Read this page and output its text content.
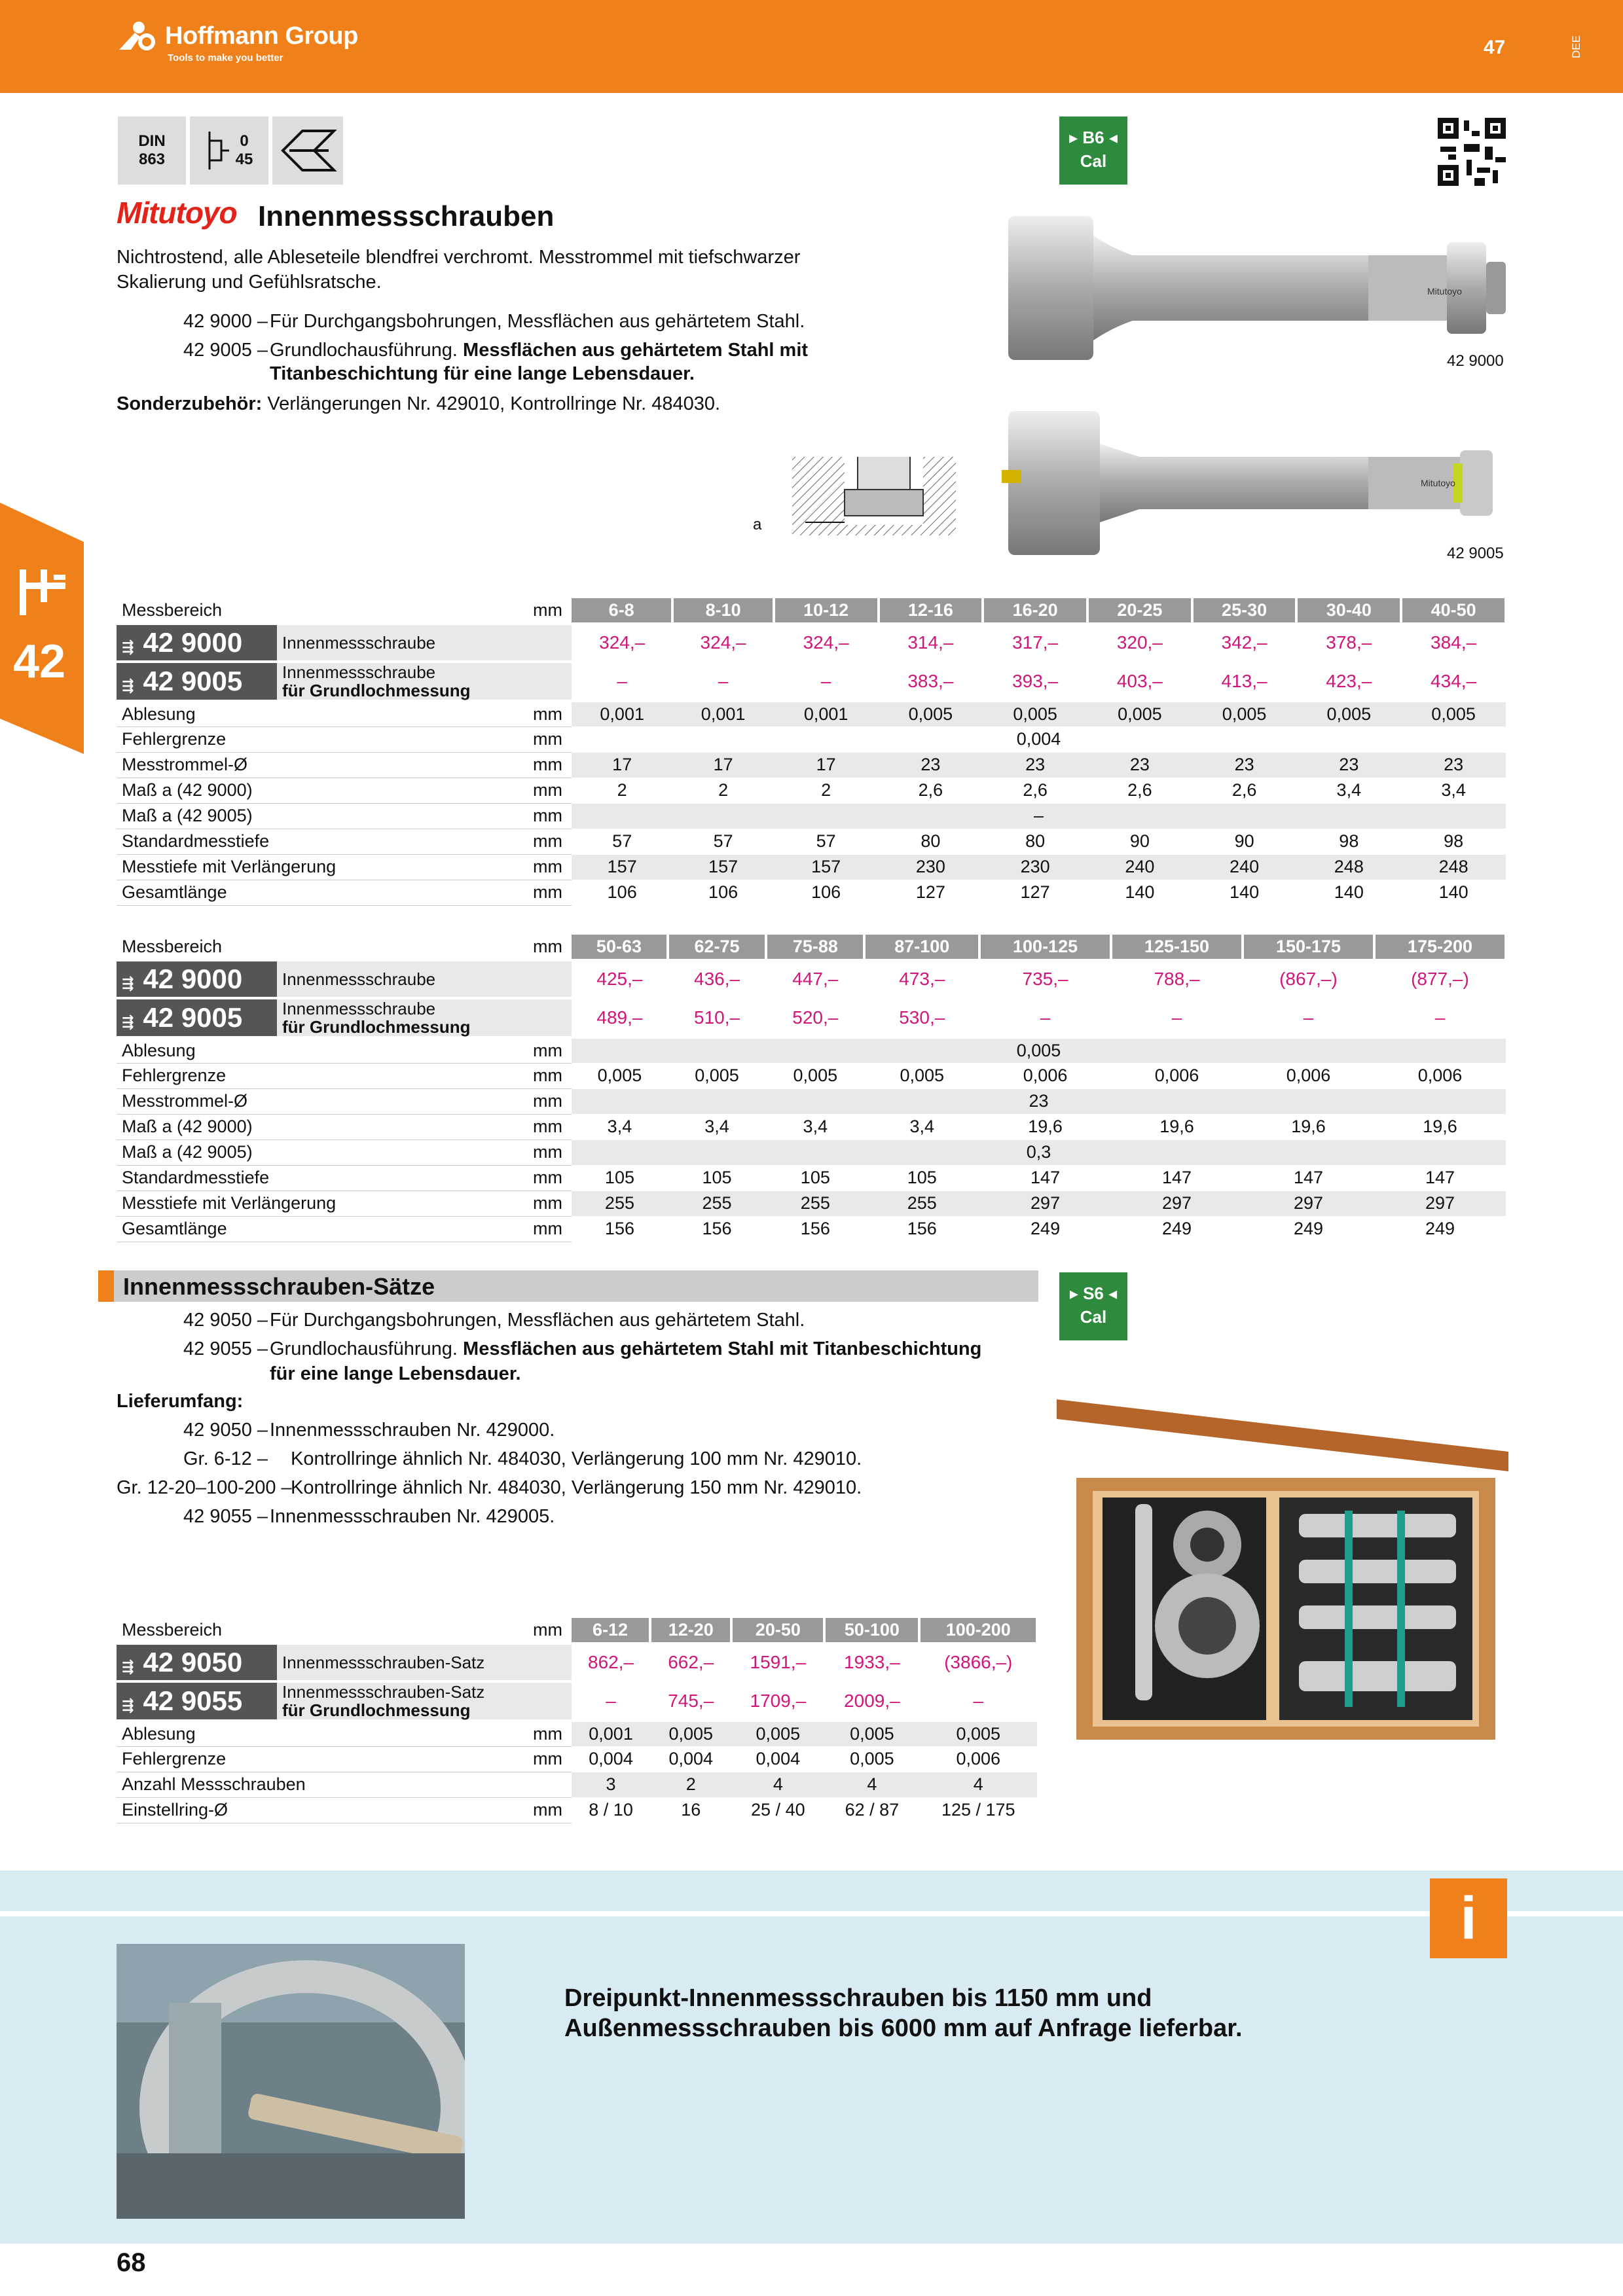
Hoffmann Group
Tools to make you better	47	DEE
42
DIN
863
0
45
Mitutoyo Innenmessschrauben
Nichtrostend, alle Ableseteile blendfrei verchromt. Messtrommel mit tiefschwarzer
Skalierung und Gefühlsratsche.
42 9000 – Für Durchgangsbohrungen, Messflächen aus gehärtetem Stahl.
42 9005 – Grundlochausführung. Messflächen aus gehärtetem Stahl mit
Titanbeschichtung für eine lange Lebensdauer.
Sonderzubehör: Verlängerungen Nr. 429010, Kontrollringe Nr. 484030.
▸ B6 ◂
Cal
Mitutoyo
42 9000
a
Mitutoyo
42 9005
Messbereich		mm	6-8	8-10	10-12	12-16	16-20	20-25	25-30	30-40	40-50
⇶ 42 9000	Innenmessschraube		324,–	324,–	324,–	314,–	317,–	320,–	342,–	378,–	384,–
⇶ 42 9005	Innenmessschraube
für Grundlochmessung		–	–	–	383,–	393,–	403,–	413,–	423,–	434,–
Ablesung		mm	0,001	0,001	0,001	0,005	0,005	0,005	0,005	0,005	0,005
Fehlergrenze		mm	0,004								
Messtrommel-Ø		mm	17	17	17	23	23	23	23	23	23
Maß a (42 9000)		mm	2	2	2	2,6	2,6	2,6	2,6	3,4	3,4
Maß a (42 9005)		mm	–								
Standardmesstiefe		mm	57	57	57	80	80	90	90	98	98
Messtiefe mit Verlängerung		mm	157	157	157	230	230	240	240	248	248
Gesamtlänge		mm	106	106	106	127	127	140	140	140	140
Messbereich		mm	50-63	62-75	75-88	87-100	100-125	125-150	150-175	175-200
⇶ 42 9000	Innenmessschraube		425,–	436,–	447,–	473,–	735,–	788,–	(867,–)	(877,–)
⇶ 42 9005	Innenmessschraube
für Grundlochmessung		489,–	510,–	520,–	530,–	–	–	–	–
Ablesung		mm	0,005							
Fehlergrenze		mm	0,005	0,005	0,005	0,005	0,006	0,006	0,006	0,006
Messtrommel-Ø		mm	23							
Maß a (42 9000)		mm	3,4	3,4	3,4	3,4	19,6	19,6	19,6	19,6
Maß a (42 9005)		mm	0,3							
Standardmesstiefe		mm	105	105	105	105	147	147	147	147
Messtiefe mit Verlängerung		mm	255	255	255	255	297	297	297	297
Gesamtlänge		mm	156	156	156	156	249	249	249	249
Innenmessschrauben-Sätze	▸ S6 ◂
Cal
42 9050 – Für Durchgangsbohrungen, Messflächen aus gehärtetem Stahl.
42 9055 – Grundlochausführung. Messflächen aus gehärtetem Stahl mit Titanbeschichtung
für eine lange Lebensdauer.
Lieferumfang:
42 9050 – Innenmessschrauben Nr. 429000.
Gr. 6-12 – Kontrollringe ähnlich Nr. 484030, Verlängerung 100 mm Nr. 429010.
Gr. 12-20–100-200 –
Kontrollringe ähnlich Nr. 484030, Verlängerung 150 mm Nr. 429010.
42 9055 – Innenmessschrauben Nr. 429005.
Messbereich		mm	6-12	12-20	20-50	50-100	100-200
⇶ 42 9050	Innenmessschrauben-Satz		862,–	662,–	1591,–	1933,–	(3866,–)
⇶ 42 9055	Innenmessschrauben-Satz
für Grundlochmessung		–	745,–	1709,–	2009,–	–
Ablesung		mm	0,001	0,005	0,005	0,005	0,005
Fehlergrenze		mm	0,004	0,004	0,004	0,005	0,006
Anzahl Messschrauben			3	2	4	4	4
Einstellring-Ø		mm	8 / 10	16	25 / 40	62 / 87	125 / 175
i
Dreipunkt-Innenmessschrauben bis 1150 mm und
Außenmessschrauben bis 6000 mm auf Anfrage lieferbar.
68
